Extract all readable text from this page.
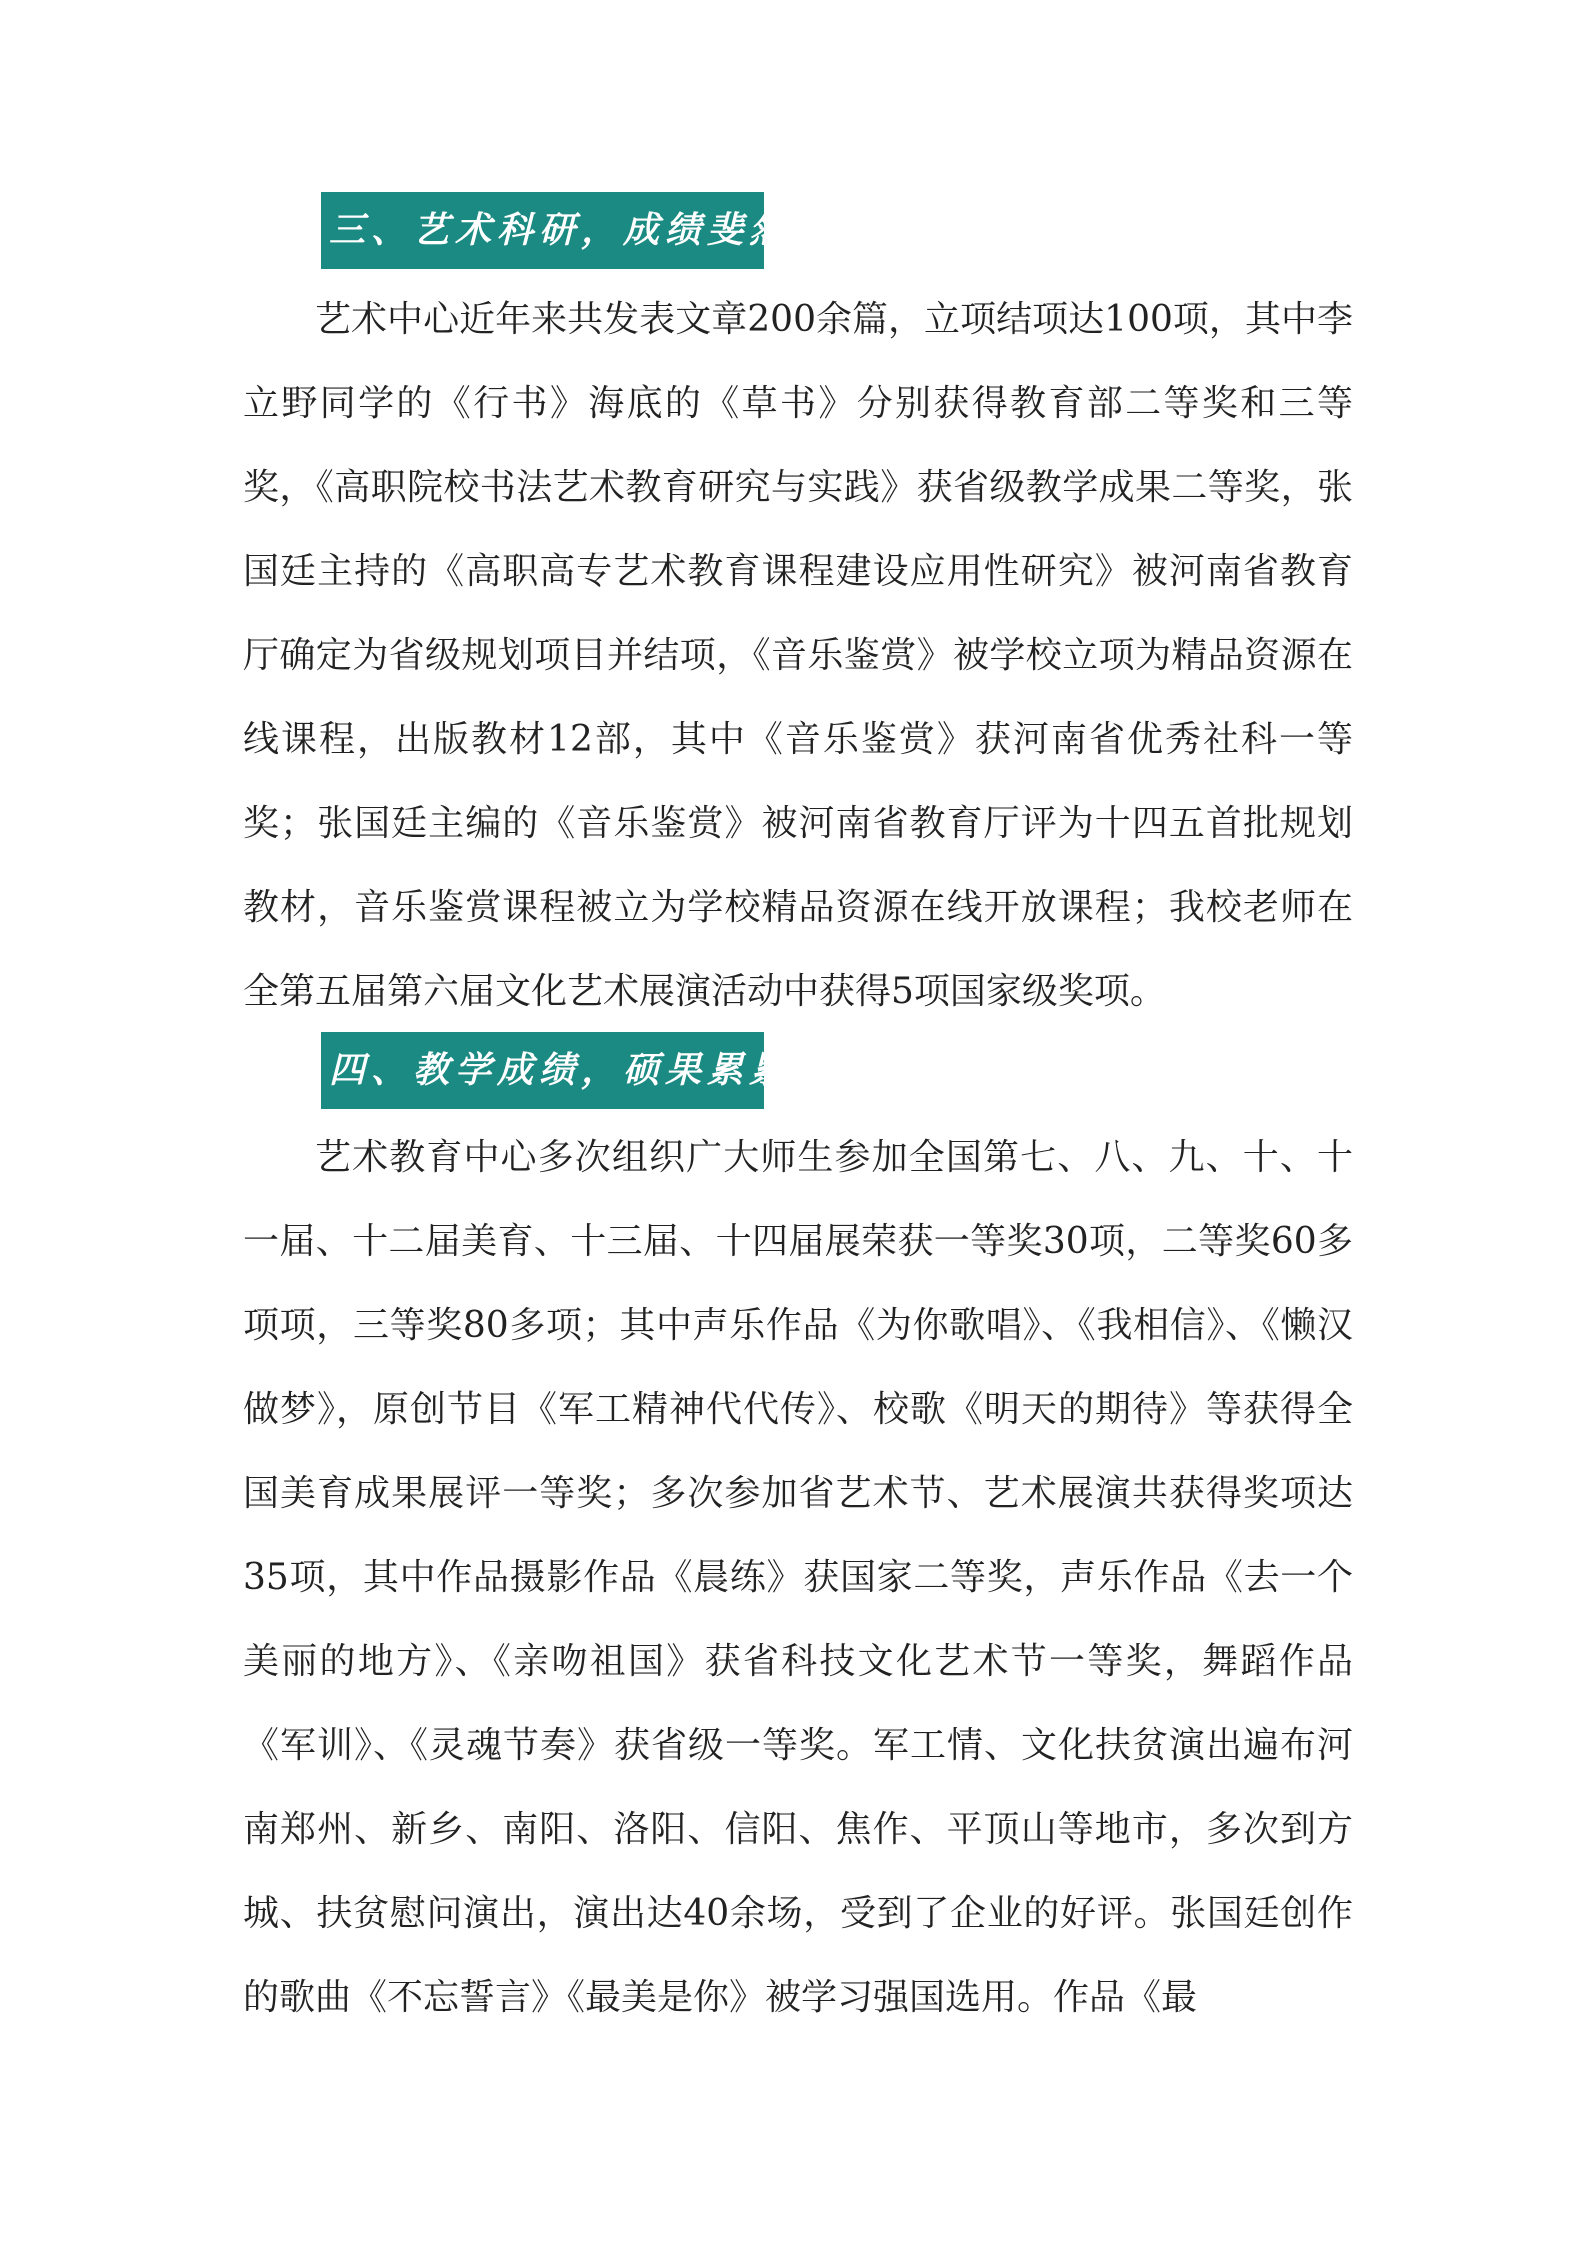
三、艺术科研，成绩斐然

艺术中心近年来共发表文章200余篇，立项结项达100项，其中李立野同学的《行书》海底的《草书》分别获得教育部二等奖和三等奖，《高职院校书法艺术教育研究与实践》获省级教学成果二等奖，张国廷主持的《高职高专艺术教育课程建设应用性研究》被河南省教育厅确定为省级规划项目并结项，《音乐鉴赏》被学校立项为精品资源在线课程，出版教材12部，其中《音乐鉴赏》获河南省优秀社科一等奖；张国廷主编的《音乐鉴赏》被河南省教育厅评为十四五首批规划教材，音乐鉴赏课程被立为学校精品资源在线开放课程；我校老师在全第五届第六届文化艺术展演活动中获得5项国家级奖项。

四、教学成绩，硕果累累

艺术教育中心多次组织广大师生参加全国第七、八、九、十、十一届、十二届美育、十三届、十四届展荣获一等奖30项，二等奖60多项项，三等奖80多项；其中声乐作品《为你歌唱》、《我相信》、《懒汉做梦》，原创节目《军工精神代代传》、校歌《明天的期待》等获得全国美育成果展评一等奖；多次参加省艺术节、艺术展演共获得奖项达35项，其中作品摄影作品《晨练》获国家二等奖，声乐作品《去一个美丽的地方》、《亲吻祖国》获省科技文化艺术节一等奖，舞蹈作品《军训》、《灵魂节奏》获省级一等奖。军工情、文化扶贫演出遍布河南郑州、新乡、南阳、洛阳、信阳、焦作、平顶山等地市，多次到方城、扶贫慰问演出，演出达40余场，受到了企业的好评。张国廷创作的歌曲《不忘誓言》《最美是你》被学习强国选用。作品《最
